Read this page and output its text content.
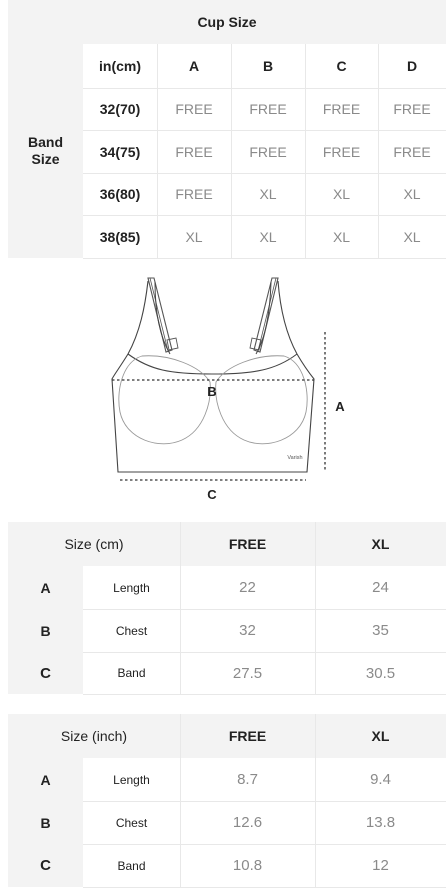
Cup Size
Band
Size
in(cm)	A	B	C	D
32(70)	FREE	FREE	FREE	FREE
34(75)	FREE	FREE	FREE	FREE
36(80)	FREE	XL	XL	XL
38(85)	XL	XL	XL	XL
B
A
C
Varish
Size (cm)	FREE	XL
A	Length	22	24
B	Chest	32	35
C	Band	27.5	30.5
Size (inch)	FREE	XL
A	Length	8.7	9.4
B	Chest	12.6	13.8
C	Band	10.8	12
